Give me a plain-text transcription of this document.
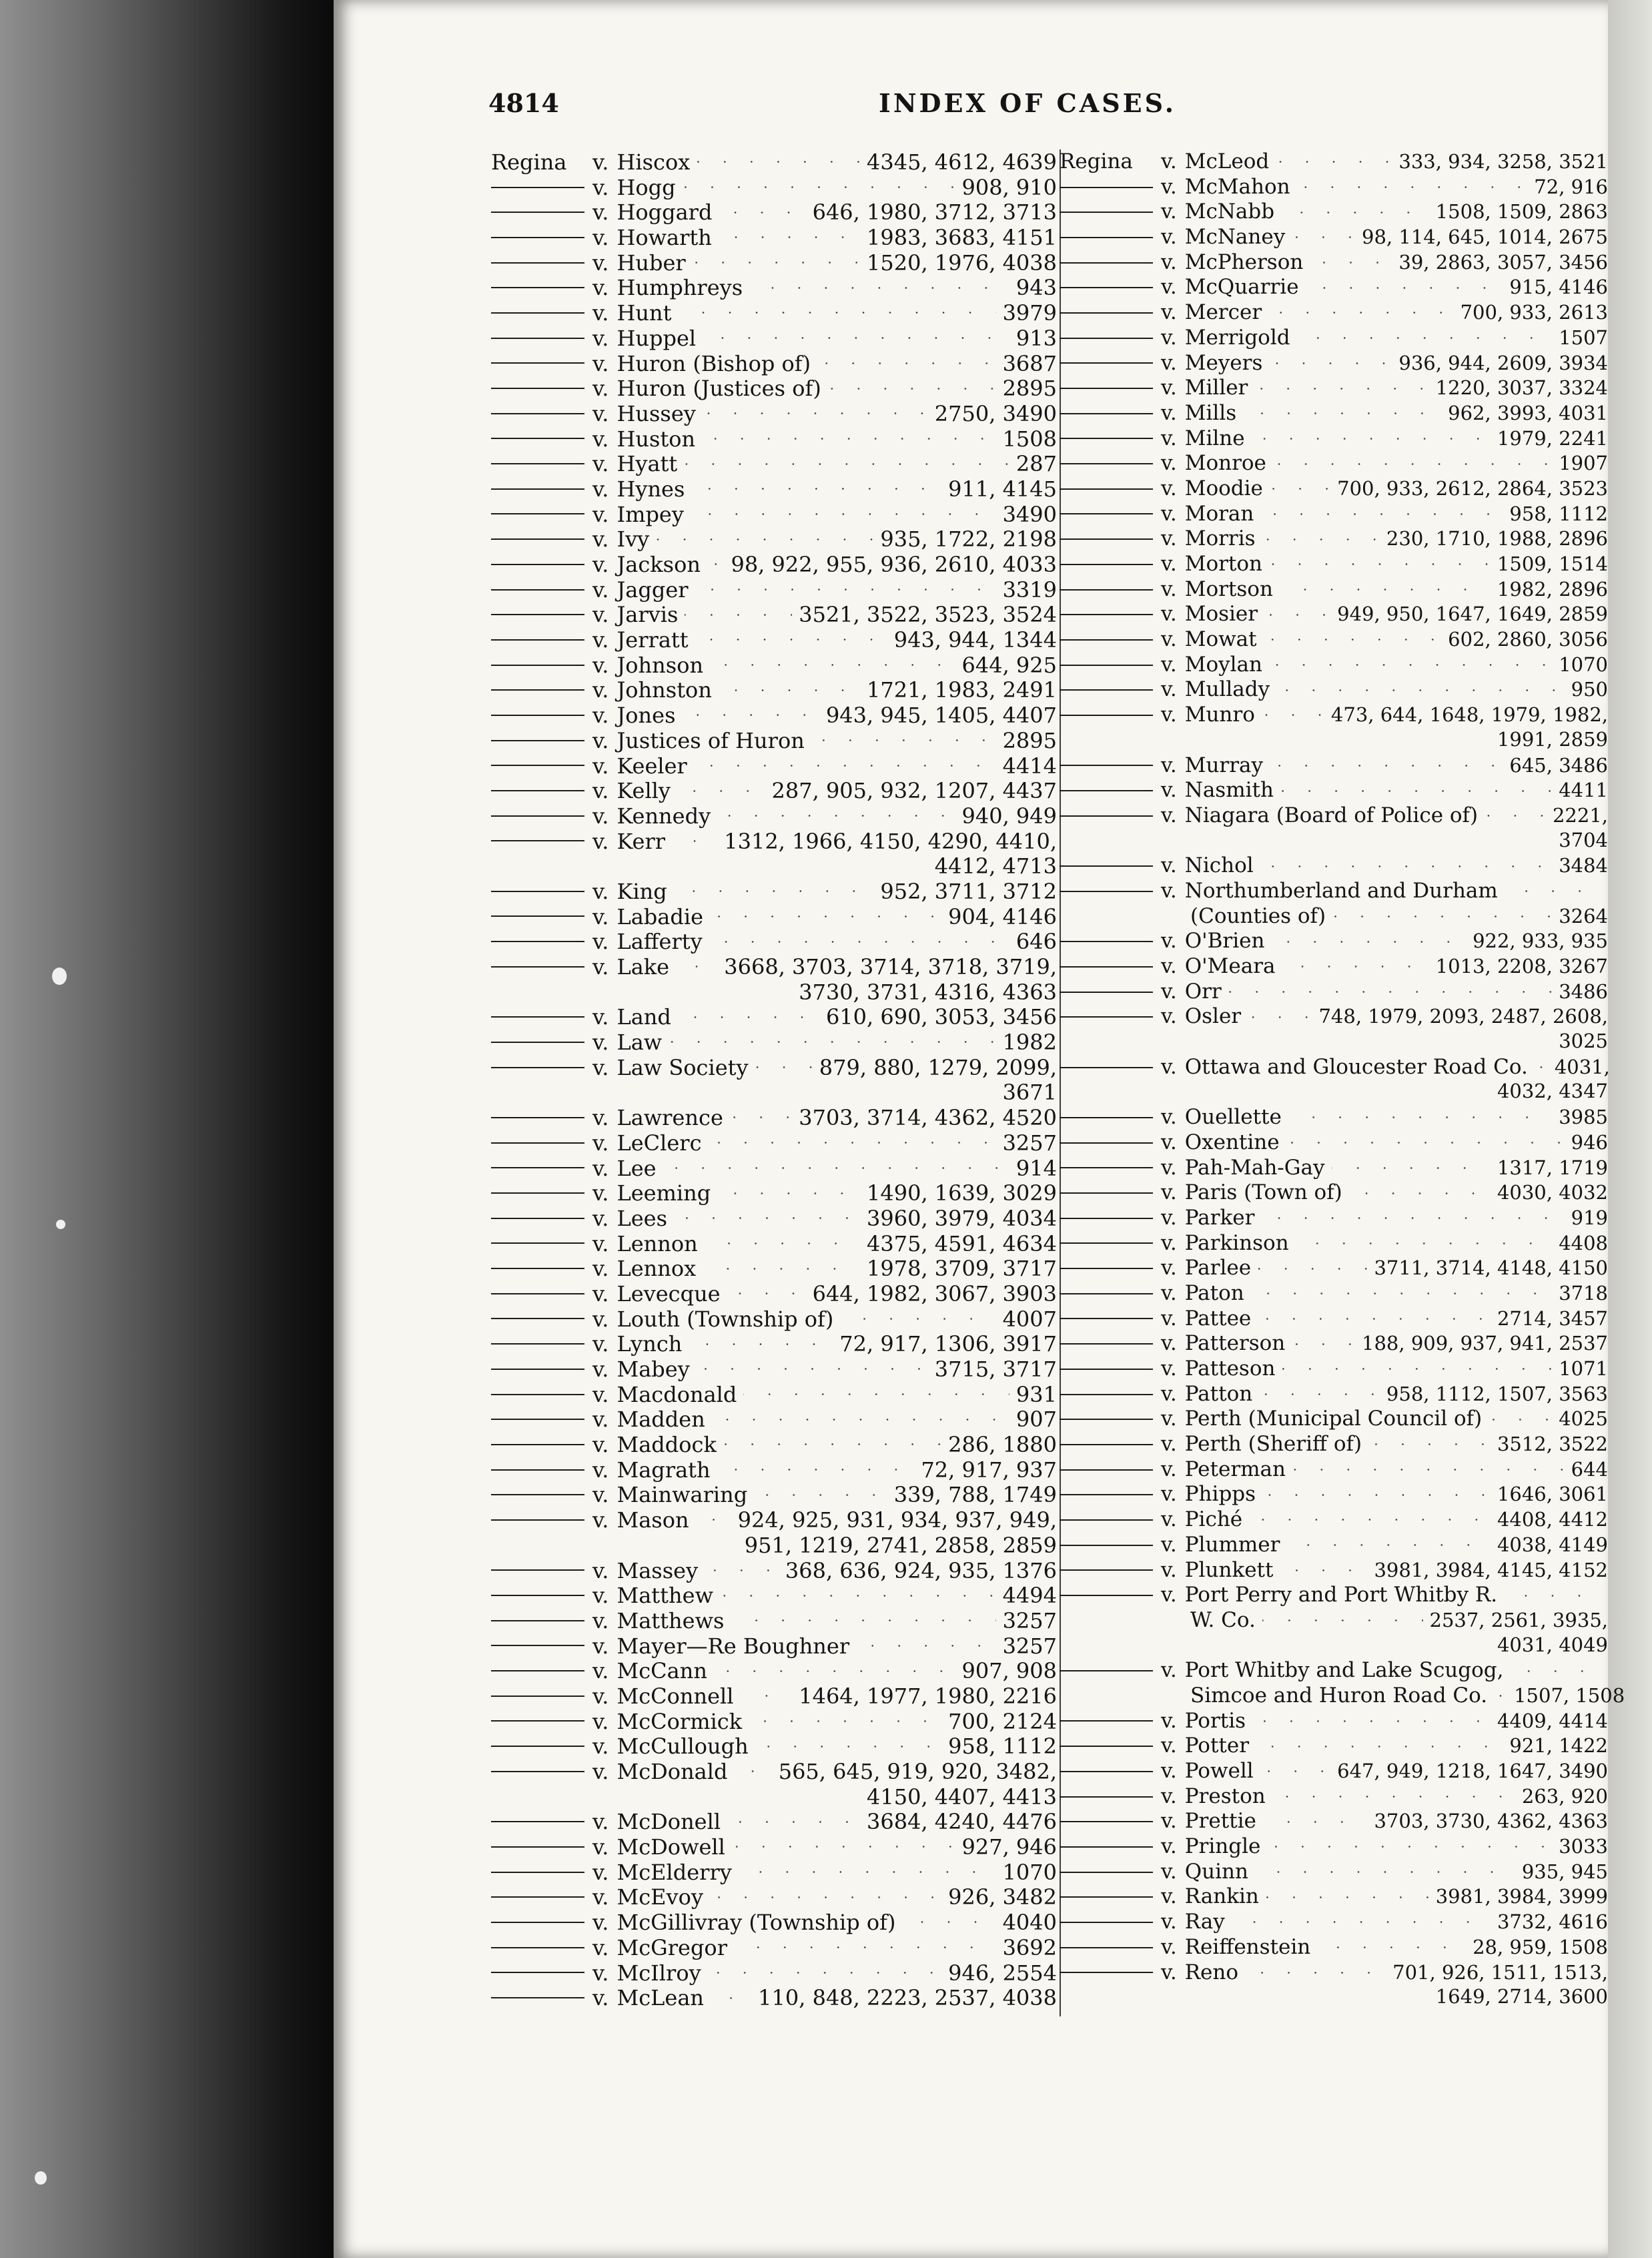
4814	INDEX OF CASES.
Regina	v. Hiscox	4345, 4612, 4639
v. Hogg	908, 910
v. Hoggard	646, 1980, 3712, 3713
v. Howarth	1983, 3683, 4151
v. Huber	1520, 1976, 4038
v. Humphreys	943
v. Hunt	3979
v. Huppel	913
v. Huron (Bishop of)	3687
v. Huron (Justices of)	2895
v. Hussey	2750, 3490
v. Huston	1508
v. Hyatt	287
v. Hynes	911, 4145
v. Impey	3490
v. Ivy	935, 1722, 2198
v. Jackson 98, 922, 955, 936, 2610, 4033
v. Jagger	3319
v. Jarvis	3521, 3522, 3523, 3524
v. Jerratt	943, 944, 1344
v. Johnson	644, 925
v. Johnston	1721, 1983, 2491
v. Jones	943, 945, 1405, 4407
v. Justices of Huron	2895
v. Keeler	4414
v. Kelly	287, 905, 932, 1207, 4437
v. Kennedy	940, 949
v. Kerr	1312, 1966, 4150, 4290, 4410,
4412, 4713
v. King	952, 3711, 3712
v. Labadie	904, 4146
v. Lafferty	646
v. Lake	3668, 3703, 3714, 3718, 3719,
3730, 3731, 4316, 4363
v. Land	610, 690, 3053, 3456
v. Law	1982
v. Law Society	879, 880, 1279, 2099,
3671
v. Lawrence	3703, 3714, 4362, 4520
v. LeClerc	3257
v. Lee	914
v. Leeming	1490, 1639, 3029
v. Lees	3960, 3979, 4034
v. Lennon	4375, 4591, 4634
v. Lennox	1978, 3709, 3717
v. Levecque	644, 1982, 3067, 3903
v. Louth (Township of)	4007
v. Lynch	72, 917, 1306, 3917
v. Mabey	3715, 3717
v. Macdonald	931
v. Madden	907
v. Maddock	286, 1880
v. Magrath	72, 917, 937
v. Mainwaring	339, 788, 1749
v. Mason 924, 925, 931, 934, 937, 949,
951, 1219, 2741, 2858, 2859
v. Massey	368, 636, 924, 935, 1376
v. Matthew	4494
v. Matthews	3257
v. Mayer—Re Boughner	3257
v. McCann	907, 908
v. McConnell	1464, 1977, 1980, 2216
v. McCormick	700, 2124
v. McCullough	958, 1112
v. McDonald 565, 645, 919, 920, 3482,
4150, 4407, 4413
v. McDonell	3684, 4240, 4476
v. McDowell	927, 946
v. McElderry	1070
v. McEvoy	926, 3482
v. McGillivray (Township of)	4040
v. McGregor	3692
v. McIlroy	946, 2554
v. McLean	110, 848, 2223, 2537, 4038
Regina	v. McLeod	333, 934, 3258, 3521
v. McMahon	72, 916
v. McNabb	1508, 1509, 2863
v. McNaney	98, 114, 645, 1014, 2675
v. McPherson	39, 2863, 3057, 3456
v. McQuarrie	915, 4146
v. Mercer	700, 933, 2613
v. Merrigold	1507
v. Meyers	936, 944, 2609, 3934
v. Miller	1220, 3037, 3324
v. Mills	962, 3993, 4031
v. Milne	1979, 2241
v. Monroe	1907
v. Moodie	700, 933, 2612, 2864, 3523
v. Moran	958, 1112
v. Morris	230, 1710, 1988, 2896
v. Morton	1509, 1514
v. Mortson	1982, 2896
v. Mosier	949, 950, 1647, 1649, 2859
v. Mowat	602, 2860, 3056
v. Moylan	1070
v. Mullady	950
v. Munro	473, 644, 1648, 1979, 1982,
1991, 2859
v. Murray	645, 3486
v. Nasmith	4411
v. Niagara (Board of Police of)	2221,
3704
v. Nichol	3484
v. Northumberland and Durham
(Counties of)	3264
v. O'Brien	922, 933, 935
v. O'Meara	1013, 2208, 3267
v. Orr	3486
v. Osler	748, 1979, 2093, 2487, 2608,
3025
v. Ottawa and Gloucester Road Co. 4031,
4032, 4347
v. Ouellette	3985
v. Oxentine	946
v. Pah-Mah-Gay	1317, 1719
v. Paris (Town of)	4030, 4032
v. Parker	919
v. Parkinson	4408
v. Parlee	3711, 3714, 4148, 4150
v. Paton	3718
v. Pattee	2714, 3457
v. Patterson	188, 909, 937, 941, 2537
v. Patteson	1071
v. Patton	958, 1112, 1507, 3563
v. Perth (Municipal Council of)	4025
v. Perth (Sheriff of)	3512, 3522
v. Peterman	644
v. Phipps	1646, 3061
v. Piché	4408, 4412
v. Plummer	4038, 4149
v. Plunkett	3981, 3984, 4145, 4152
v. Port Perry and Port Whitby R.
W. Co.	2537, 2561, 3935,
4031, 4049
v. Port Whitby and Lake Scugog,
Simcoe and Huron Road Co. 1507, 1508
v. Portis	4409, 4414
v. Potter	921, 1422
v. Powell	647, 949, 1218, 1647, 3490
v. Preston	263, 920
v. Prettie	3703, 3730, 4362, 4363
v. Pringle	3033
v. Quinn	935, 945
v. Rankin	3981, 3984, 3999
v. Ray	3732, 4616
v. Reiffenstein	28, 959, 1508
v. Reno	701, 926, 1511, 1513,
1649, 2714, 3600
